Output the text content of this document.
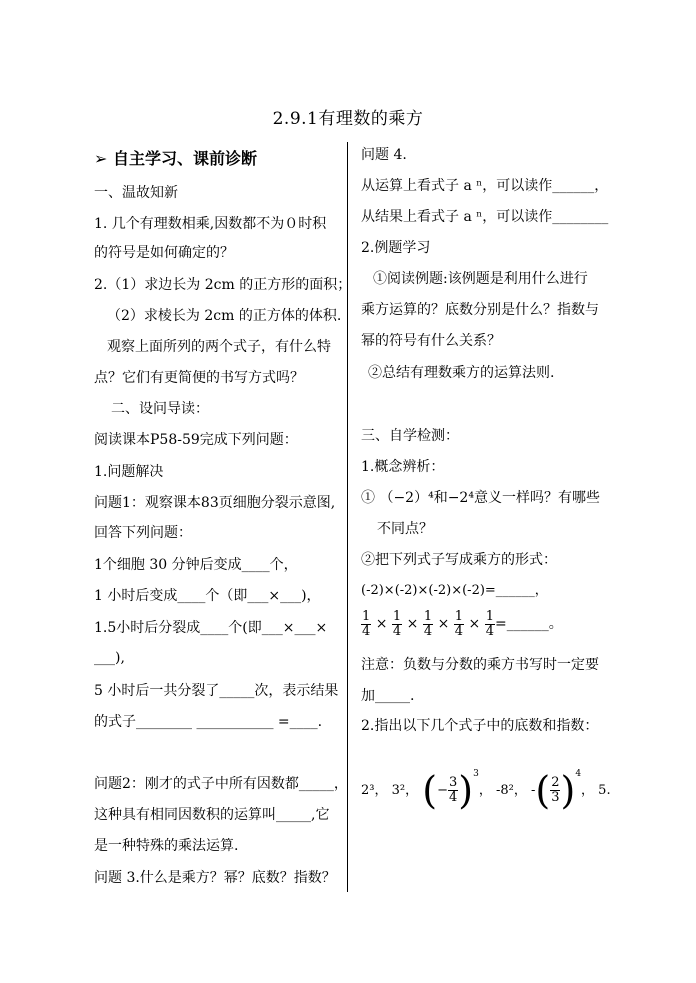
2.9.1有理数的乘方
➢ 自主学习、课前诊断
一、温故知新
1. 几个有理数相乘,因数都不为０时积
的符号是如何确定的？
2.（1）求边长为 2cm 的正方形的面积；
（2）求棱长为 2cm 的正方体的体积.
观察上面所列的两个式子，有什么特
点？它们有更简便的书写方式吗？
二、设问导读：
阅读课本P58-59完成下列问题：
1.问题解决
问题1：观察课本83页细胞分裂示意图,
回答下列问题：
1个细胞 30 分钟后变成____个，
1 小时后变成____个（即___×___)，
1.5小时后分裂成____个(即___×___×
___),
5 小时后一共分裂了_____次，表示结果
的式子________ ___________ =____.
问题2：刚才的式子中所有因数都_____，
这种具有相同因数积的运算叫_____,它
是一种特殊的乘法运算.
问题 3.什么是乘方？幂？底数？指数？
问题 4.
从运算上看式子 a ⁿ，可以读作______，
从结果上看式子 a ⁿ，可以读作________
2.例题学习
①阅读例题:该例题是利用什么进行
乘方运算的？底数分别是什么？指数与
幂的符号有什么关系？
②总结有理数乘方的运算法则.
三、自学检测：
1.概念辨析：
① （−2）⁴和−2⁴意义一样吗？有哪些
不同点？
②把下列式子写成乘方的形式：
(-2)×(-2)×(-2)×(-2)=______，
$\frac{1}{4} \times \frac{1}{4} \times \frac{1}{4} \times \frac{1}{4} \times \frac{1}{4}$ =______。
注意：负数与分数的乘方书写时一定要
加_____.
2.指出以下几个式子中的底数和指数：
2³， 3²， (− $\frac{3}{4} )^3$， -8²， -( $\frac{2}{3} )^4$， 5.
